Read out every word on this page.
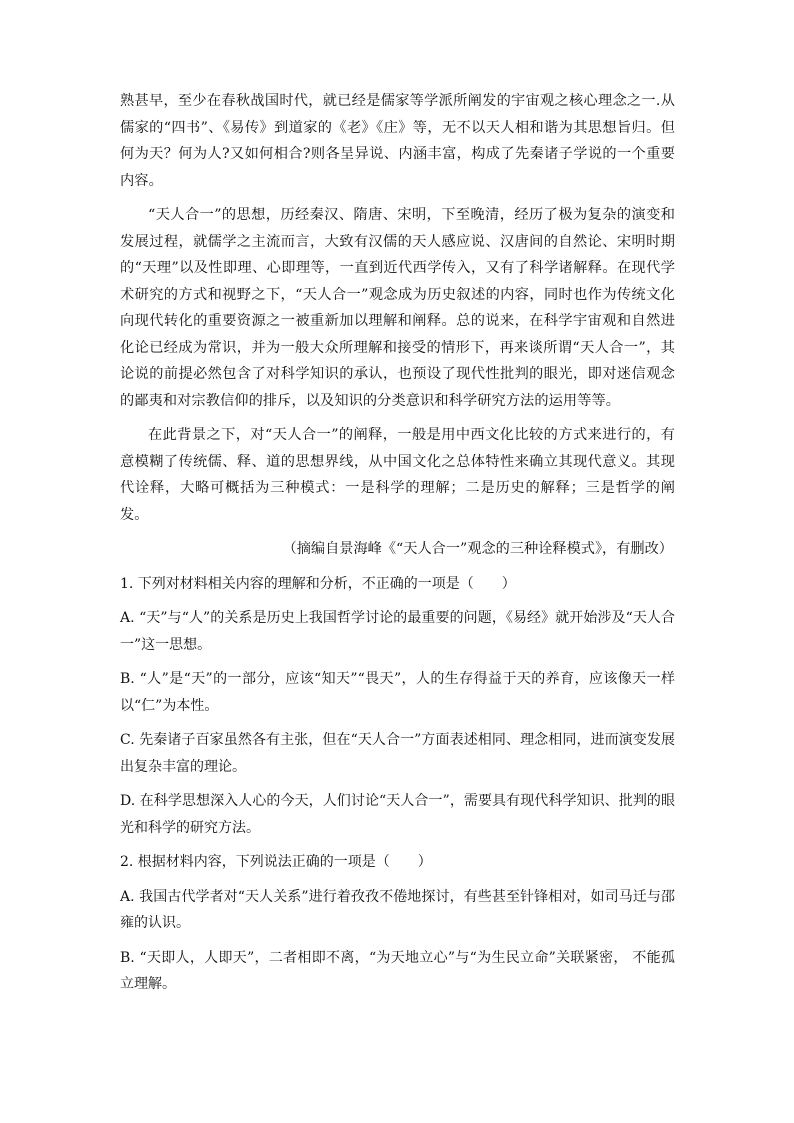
熟甚早，至少在春秋战国时代，就已经是儒家等学派所阐发的宇宙观之核心理念之一.从儒家的“四书”、《易传》到道家的《老》《庄》等，无不以天人相和谐为其思想旨归。但何为天？何为人?又如何相合?则各呈异说、内涵丰富，构成了先秦诸子学说的一个重要内容。

“天人合一”的思想，历经秦汉、隋唐、宋明，下至晚清，经历了极为复杂的演变和发展过程，就儒学之主流而言，大致有汉儒的天人感应说、汉唐间的自然论、宋明时期的“天理”以及性即理、心即理等，一直到近代西学传入，又有了科学诸解释。在现代学术研究的方式和视野之下，“天人合一”观念成为历史叙述的内容，同时也作为传统文化向现代转化的重要资源之一被重新加以理解和阐释。总的说来，在科学宇宙观和自然进化论已经成为常识，并为一般大众所理解和接受的情形下，再来谈所谓“天人合一”，其论说的前提必然包含了对科学知识的承认，也预设了现代性批判的眼光，即对迷信观念的鄙夷和对宗教信仰的排斥，以及知识的分类意识和科学研究方法的运用等等。

在此背景之下，对“天人合一”的阐释，一般是用中西文化比较的方式来进行的，有意模糊了传统儒、释、道的思想界线，从中国文化之总体特性来确立其现代意义。其现代诠释，大略可概括为三种模式：一是科学的理解；二是历史的解释；三是哲学的阐发。

（摘编自景海峰《“天人合一”观念的三种诠释模式》，有删改）

1. 下列对材料相关内容的理解和分析，不正确的一项是（　　）

A. “天”与“人”的关系是历史上我国哲学讨论的最重要的问题，《易经》就开始涉及“天人合一”这一思想。

B. “人”是“天”的一部分，应该“知天”“畏天”，人的生存得益于天的养育，应该像天一样以“仁”为本性。

C. 先秦诸子百家虽然各有主张，但在“天人合一”方面表述相同、理念相同，进而演变发展出复杂丰富的理论。

D. 在科学思想深入人心的今天，人们讨论“天人合一”，需要具有现代科学知识、批判的眼光和科学的研究方法。

2. 根据材料内容，下列说法正确的一项是（　　）

A. 我国古代学者对“天人关系”进行着孜孜不倦地探讨，有些甚至针锋相对，如司马迁与邵雍的认识。

B. “天即人，人即天”，二者相即不离，“为天地立心”与“为生民立命”关联紧密， 不能孤立理解。
